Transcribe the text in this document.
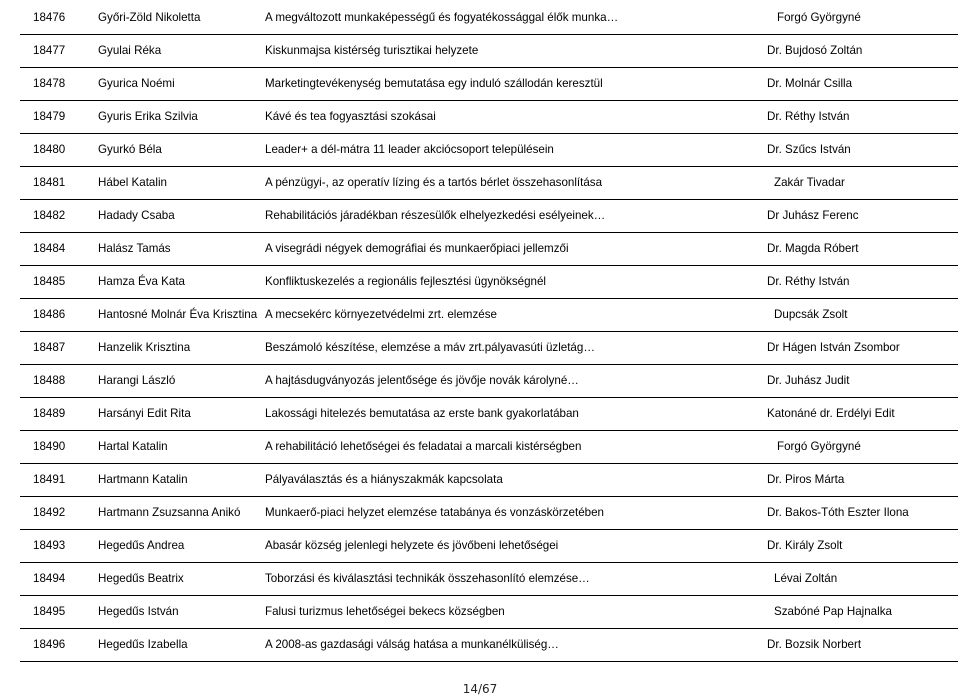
18476	Győri-Zöld Nikoletta	A megváltozott munkaképességű és fogyatékossággal élők munka…	Forgó Györgyné
18477	Gyulai Réka	Kiskunmajsa kistérség turisztikai helyzete	Dr. Bujdosó Zoltán
18478	Gyurica Noémi	Marketingtevékenység bemutatása egy induló szállodán keresztül	Dr. Molnár Csilla
18479	Gyuris Erika Szilvia	Kávé és tea fogyasztási szokásai	Dr. Réthy István
18480	Gyurkó Béla	Leader+ a dél-mátra 11 leader akciócsoport településein	Dr. Szűcs István
18481	Hábel Katalin	A pénzügyi-, az operatív lízing és a tartós bérlet összehasonlítása	Zakár Tivadar
18482	Hadady Csaba	Rehabilitációs járadékban részesülők elhelyezkedési esélyeinek…	Dr Juhász Ferenc
18484	Halász Tamás	A visegrádi négyek demográfiai és munkaerőpiaci jellemzői	Dr. Magda Róbert
18485	Hamza Éva Kata	Konfliktuskezelés a regionális fejlesztési ügynökségnél	Dr. Réthy István
18486	Hantosné Molnár Éva Krisztina	A mecsekérc környezetvédelmi zrt. elemzése	Dupcsák Zsolt
18487	Hanzelik Krisztina	Beszámoló készítése, elemzése a máv zrt.pályavasúti üzletág…	Dr Hágen István Zsombor
18488	Harangi László	A hajtásdugványozás jelentősége és jövője novák károlyné…	Dr. Juhász Judit
18489	Harsányi Edit Rita	Lakossági hitelezés bemutatása az erste bank gyakorlatában	Katonáné dr. Erdélyi Edit
18490	Hartal Katalin	A rehabilitáció lehetőségei és feladatai a marcali kistérségben	Forgó Györgyné
18491	Hartmann Katalin	Pályaválasztás és a hiányszakmák kapcsolata	Dr. Piros Márta
18492	Hartmann Zsuzsanna Anikó	Munkaerő-piaci helyzet elemzése tatabánya és vonzáskörzetében	Dr. Bakos-Tóth Eszter Ilona
18493	Hegedűs Andrea	Abasár község jelenlegi helyzete és jövőbeni lehetőségei	Dr. Király Zsolt
18494	Hegedűs Beatrix	Toborzási és kiválasztási technikák összehasonlító elemzése…	Lévai Zoltán
18495	Hegedűs István	Falusi turizmus lehetőségei bekecs községben	Szabóné Pap Hajnalka
18496	Hegedűs Izabella	A 2008-as gazdasági válság hatása a munkanélküliség…	Dr. Bozsik Norbert
14/67
